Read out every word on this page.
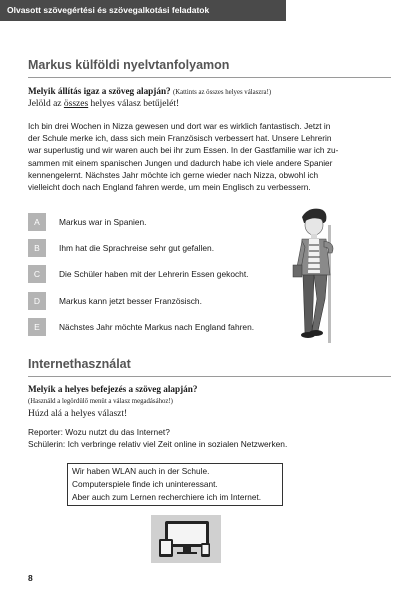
Olvasott szövegértési és szövegalkotási feladatok
Markus külföldi nyelvtanfolyamon
Melyik állítás igaz a szöveg alapján? (Kattints az összes helyes válaszra!)
Jelöld az összes helyes válasz betűjelét!
Ich bin drei Wochen in Nizza gewesen und dort war es wirklich fantastisch. Jetzt in
der Schule merke ich, dass sich mein Französisch verbessert hat. Unsere Lehrerin
war superlustig und wir waren auch bei ihr zum Essen. In der Gastfamilie war ich zu-
sammen mit einem spanischen Jungen und dadurch habe ich viele andere Spanier
kennengelernt. Nächstes Jahr möchte ich gerne wieder nach Nizza, obwohl ich
vielleicht doch nach England fahren werde, um mein Englisch zu verbessern.
A	Markus war in Spanien.
B	Ihm hat die Sprachreise sehr gut gefallen.
C	Die Schüler haben mit der Lehrerin Essen gekocht.
D	Markus kann jetzt besser Französisch.
E	Nächstes Jahr möchte Markus nach England fahren.
Internethasználat
Melyik a helyes befejezés a szöveg alapján?
(Használd a legördülő menüt a válasz megadásához!)
Húzd alá a helyes választ!
Reporter: Wozu nutzt du das Internet?
Schülerin: Ich verbringe relativ viel Zeit online in sozialen Netzwerken.
Wir haben WLAN auch in der Schule.
Computerspiele finde ich uninteressant.
Aber auch zum Lernen recherchiere ich im Internet.
8
